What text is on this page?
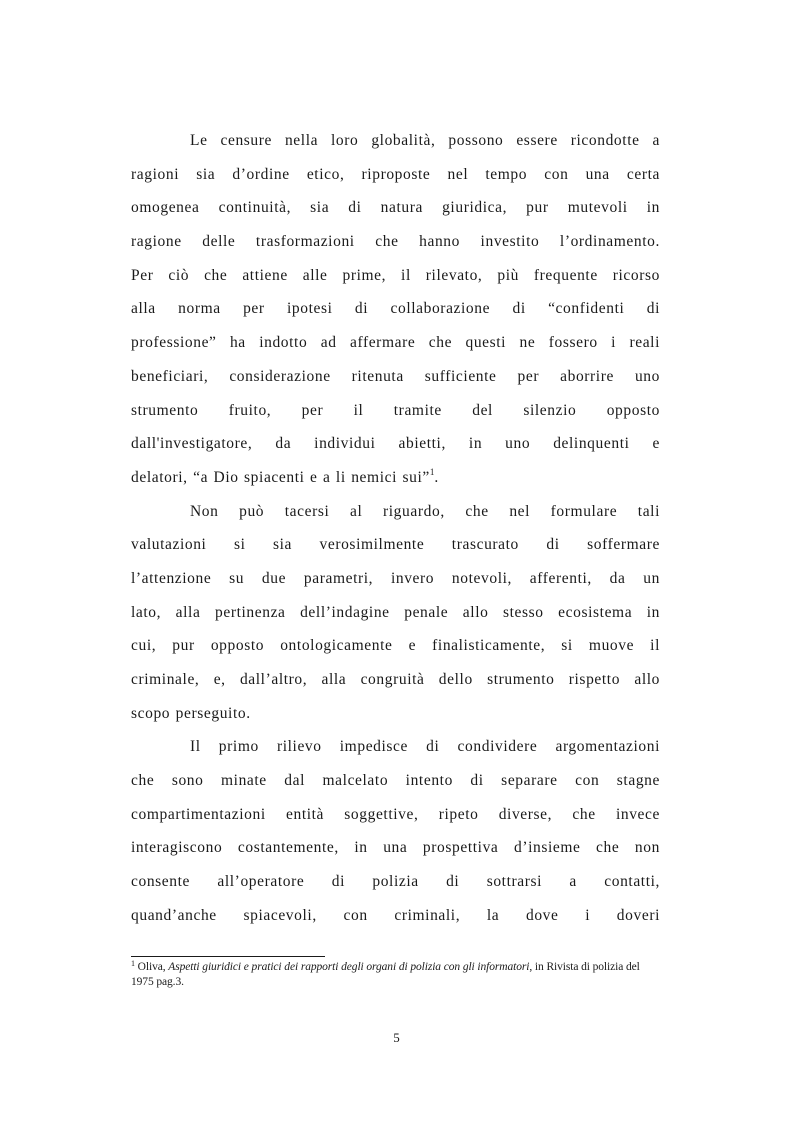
Le censure nella loro globalità, possono essere ricondotte a
ragioni sia d’ordine etico, riproposte nel tempo con una certa
omogenea continuità, sia di natura giuridica, pur mutevoli in
ragione delle trasformazioni che hanno investito l’ordinamento.
Per ciò che attiene alle prime, il rilevato, più frequente ricorso
alla norma per ipotesi di collaborazione di “confidenti di
professione” ha indotto ad affermare che questi ne fossero i reali
beneficiari, considerazione ritenuta sufficiente per aborrire uno
strumento fruito, per il tramite del silenzio opposto
dall'investigatore, da individui abietti, in uno delinquenti e
delatori, “a Dio spiacenti e a li nemici sui”$^1$.
Non può tacersi al riguardo, che nel formulare tali
valutazioni si sia verosimilmente trascurato di soffermare
l’attenzione su due parametri, invero notevoli, afferenti, da un
lato, alla pertinenza dell’indagine penale allo stesso ecosistema in
cui, pur opposto ontologicamente e finalisticamente, si muove il
criminale, e, dall’altro, alla congruità dello strumento rispetto allo
scopo perseguito.
Il primo rilievo impedisce di condividere argomentazioni
che sono minate dal malcelato intento di separare con stagne
compartimentazioni entità soggettive, ripeto diverse, che invece
interagiscono costantemente, in una prospettiva d’insieme che non
consente all’operatore di polizia di sottrarsi a contatti,
quand’anche spiacevoli, con criminali, la dove i doveri
$^1$ Oliva, Aspetti giuridici e pratici dei rapporti degli organi di polizia con gli informatori, in Rivista di polizia del 1975 pag.3.
5
